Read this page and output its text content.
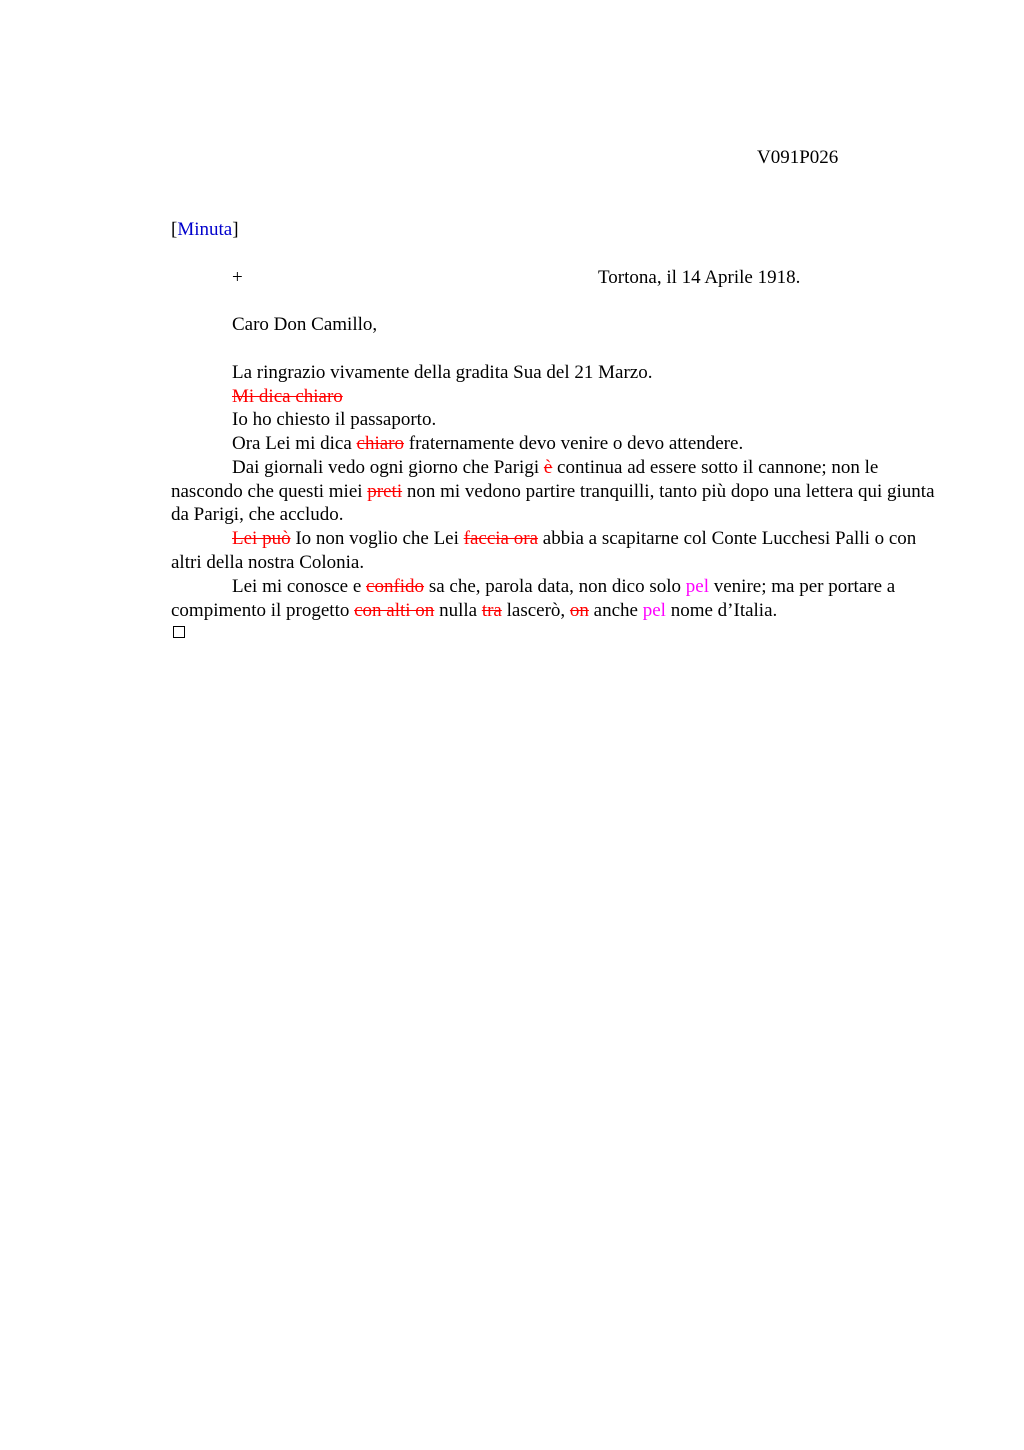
V091P026
[Minuta]
+	Tortona, il 14 Aprile 1918.
Caro Don Camillo,
La ringrazio vivamente della gradita Sua del 21 Marzo.
Mi dica chiaro
Io ho chiesto il passaporto.
Ora Lei mi dica chiaro fraternamente devo venire o devo attendere.
Dai giornali vedo ogni giorno che Parigi è continua ad essere sotto il cannone; non le nascondo che questi miei preti non mi vedono partire tranquilli, tanto più dopo una lettera qui giunta da Parigi, che accludo.
Lei può Io non voglio che Lei faccia ora abbia a scapitarne col Conte Lucchesi Palli o con altri della nostra Colonia.
Lei mi conosce e confido sa che, parola data, non dico solo pel venire; ma per portare a compimento il progetto con alti on nulla tra lascerò, on anche pel nome d’Italia.
